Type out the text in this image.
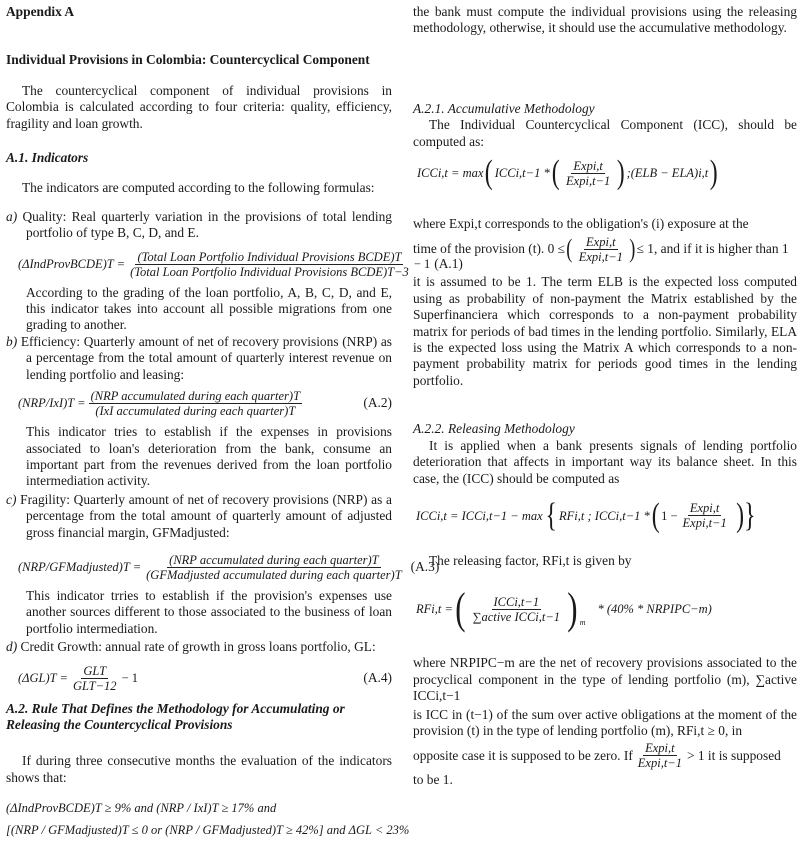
Appendix A
Individual Provisions in Colombia: Countercyclical Component
The countercyclical component of individual provisions in Colombia is calculated according to four criteria: quality, efficiency, fragility and loan growth.
A.1. Indicators
The indicators are computed according to the following formulas:
a) Quality: Real quarterly variation in the provisions of total lending portfolio of type B, C, D, and E.
(ΔIndProvBCDE)T = $\frac{\text{(Total Loan Portfolio Individual Provisions BCDE)T}}{\text{(Total Loan Portfolio Individual Provisions BCDE)T−3}} - 1$ (A.1)
According to the grading of the loan portfolio, A, B, C, D, and E, this indicator takes into account all possible migrations from one grading to another.
b) Efficiency: Quarterly amount of net of recovery provisions (NRP) as a percentage from the total amount of quarterly interest revenue on lending portfolio and leasing:
$(NRP/IxI)T = \frac{\text{(NRP accumulated during each quarter)T}}{\text{(IxI accumulated during each quarter)T}}$	(A.2)
This indicator tries to establish if the expenses in provisions associated to loan's deterioration from the bank, consume an important part from the revenues derived from the loan portfolio intermediation activity.
c) Fragility: Quarterly amount of net of recovery provisions (NRP) as a percentage from the total amount of quarterly amount of adjusted gross financial margin, GFMadjusted:
(NRP/GFMadjusted)T = $\frac{\text{(NRP accumulated during each quarter)T}}{\text{(GFMadjusted accumulated during each quarter)T}} (A.3)$
This indicator trries to establish if the provision's expenses use another sources different to those associated to the business of loan portfolio intermediation.
d) Credit Growth: annual rate of growth in gross loans portfolio, GL:
$(\Delta GL)T = \frac{\text{GLT}}{\text{GLT−12}} - 1$	(A.4)
A.2. Rule That Defines the Methodology for Accumulating or Releasing the Countercyclical Provisions
If during three consecutive months the evaluation of the indicators shows that:
(ΔIndProvBCDE)T ≥ 9% and (NRP / IxI)T ≥ 17% and
[(NRP / GFMadjusted)T ≤ 0 or (NRP / GFMadjusted)T ≥ 42%] and ΔGL < 23%
the bank must compute the individual provisions using the releasing methodology, otherwise, it should use the accumulative methodology.
A.2.1. Accumulative Methodology
The Individual Countercyclical Component (ICC), should be computed as:
ICCi,t = max ( ICCi,t−1 * ( $\frac{\text{Expi,t}}{\text{Expi,t−1}}$ ) ;(ELB − ELA)i,t )
where Expi,t corresponds to the obligation's (i) exposure at the
time of the provision (t). 0 ≤ ( $\frac{\text{Expi,t}}{\text{Expi,t−1}}$ ) ≤ 1, and if it is higher than 1
it is assumed to be 1. The term ELB is the expected loss computed using as probability of non-payment the Matrix established by the Superfinanciera which corresponds to a non-payment probability matrix for periods of bad times in the lending portfolio. Similarly, ELA is the expected loss using the Matrix A which corresponds to a non-payment probability matrix for periods good times in the lending portfolio.
A.2.2. Releasing Methodology
It is applied when a bank presents signals of lending portfolio deterioration that affects in important way its balance sheet. In this case, the (ICC) should be computed as
ICCi,t = ICCi,t−1 − max { RFi,t ; ICCi,t−1 * ( $1 - \frac{\text{Expi,t}}{\text{Expi,t−1}}$ )}
The releasing factor, RFi,t is given by
RFi,t = ( $\frac{\text{ICCi,t−1}}{\text{∑active ICCi,t−1}}$ ) $_m$
* (40% * NRPIPC−m)
where NRPIPC−m are the net of recovery provisions associated to the procyclical component in the type of lending portfolio (m), ∑active ICCi,t−1
is ICC in (t−1) of the sum over active obligations at the moment of the provision (t) in the type of lending portfolio (m), RFi,t ≥ 0, in
opposite case it is supposed to be zero. If $\frac{\text{Expi,t}}{\text{Expi,t−1}} > 1$ it is supposed
to be 1.
